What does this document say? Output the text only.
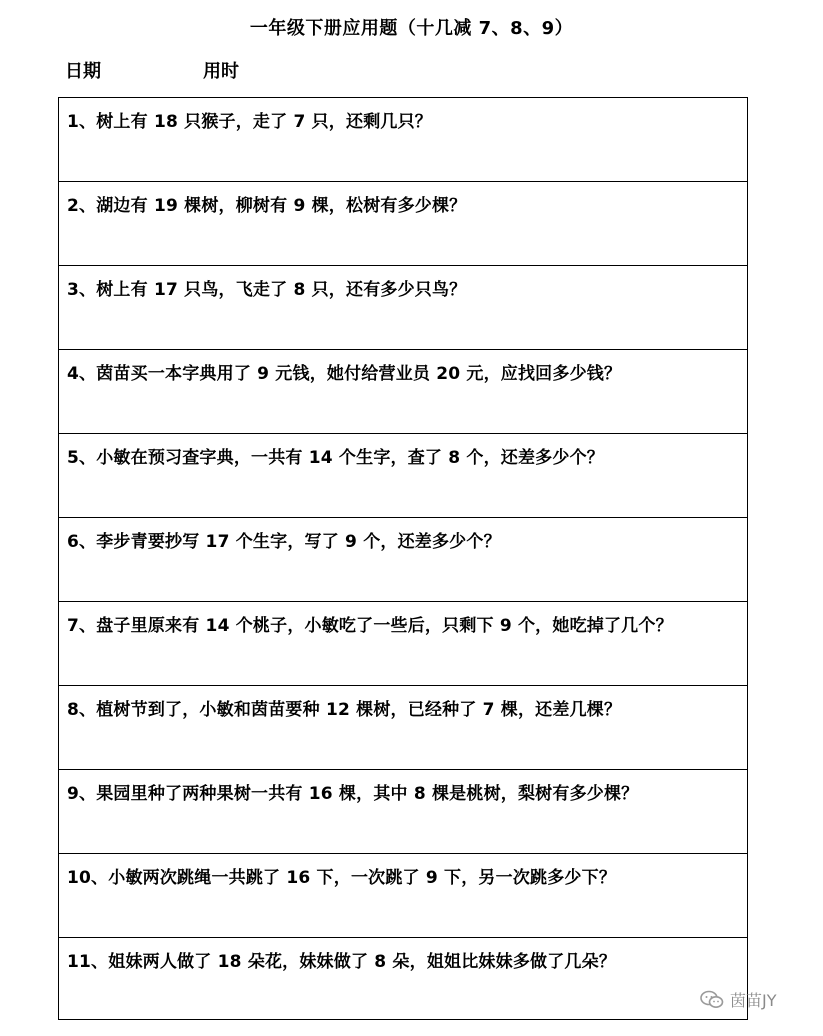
一年级下册应用题（十几减 7、8、9）
日期	用时
1、树上有 18 只猴子，走了 7 只，还剩几只？
2、湖边有 19 棵树，柳树有 9 棵，松树有多少棵？
3、树上有 17 只鸟，飞走了 8 只，还有多少只鸟？
4、茵苗买一本字典用了 9 元钱，她付给营业员 20 元，应找回多少钱？
5、小敏在预习查字典，一共有 14 个生字，查了 8 个，还差多少个？
6、李步青要抄写 17 个生字，写了 9 个，还差多少个？
7、盘子里原来有 14 个桃子，小敏吃了一些后，只剩下 9 个，她吃掉了几个？
8、植树节到了，小敏和茵苗要种 12 棵树，已经种了 7 棵，还差几棵？
9、果园里种了两种果树一共有 16 棵，其中 8 棵是桃树，梨树有多少棵？
10、小敏两次跳绳一共跳了 16 下，一次跳了 9 下，另一次跳多少下？
11、姐妹两人做了 18 朵花，妹妹做了 8 朵，姐姐比妹妹多做了几朵？
茵苗JY
